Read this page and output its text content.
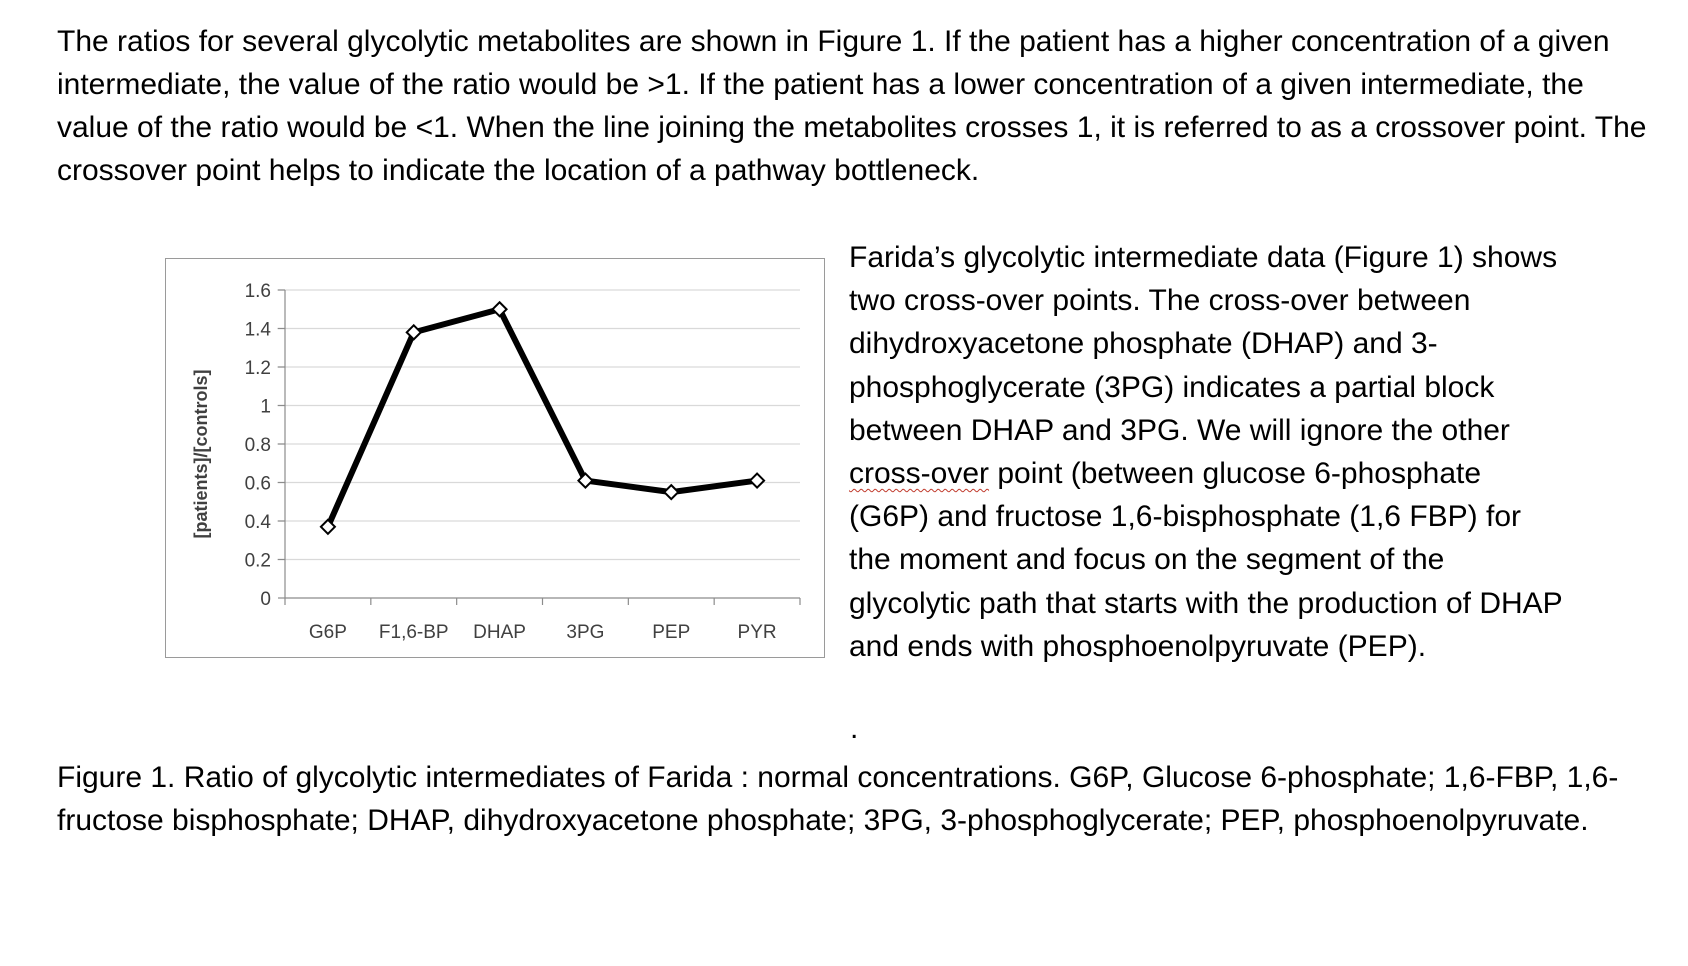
The ratios for several glycolytic metabolites are shown in Figure 1. If the patient has a higher concentration of a given intermediate, the value of the ratio would be >1. If the patient has a lower concentration of a given intermediate, the value of the ratio would be <1. When the line joining the metabolites crosses 1, it is referred to as a crossover point. The crossover point helps to indicate the location of a pathway bottleneck.

0
0.2
0.4
0.6
0.8
1
1.2
1.4
1.6
G6P F1,6-BP DHAP 3PG	PEP PYR
[patients]/[controls]

Farida’s glycolytic intermediate data (Figure 1) shows two cross-over points. The cross-over between dihydroxyacetone phosphate (DHAP) and 3-phosphoglycerate (3PG) indicates a partial block between DHAP and 3PG. We will ignore the other cross-over point (between glucose 6-phosphate (G6P) and fructose 1,6-bisphosphate (1,6 FBP) for the moment and focus on the segment of the glycolytic path that starts with the production of DHAP and ends with phosphoenolpyruvate (PEP).

.

Figure 1. Ratio of glycolytic intermediates of Farida : normal concentrations. G6P, Glucose 6-phosphate; 1,6-FBP, 1,6-fructose bisphosphate; DHAP, dihydroxyacetone phosphate; 3PG, 3-phosphoglycerate; PEP, phosphoenolpyruvate.
